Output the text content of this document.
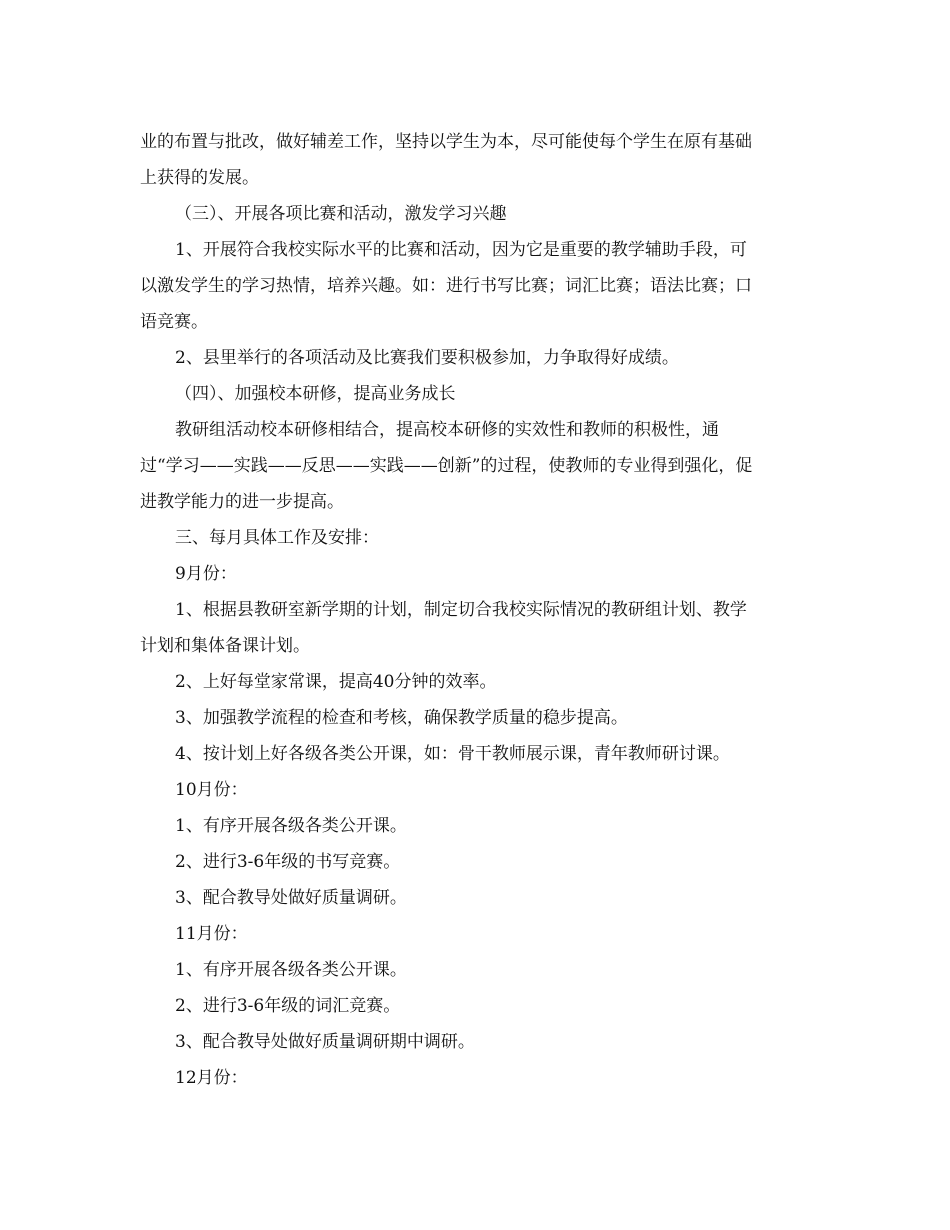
业的布置与批改，做好辅差工作，坚持以学生为本，尽可能使每个学生在原有基础
上获得的发展。
（三）、开展各项比赛和活动，激发学习兴趣
1、开展符合我校实际水平的比赛和活动，因为它是重要的教学辅助手段，可
以激发学生的学习热情，培养兴趣。如：进行书写比赛；词汇比赛；语法比赛；口
语竞赛。
2、县里举行的各项活动及比赛我们要积极参加，力争取得好成绩。
（四）、加强校本研修，提高业务成长
教研组活动校本研修相结合，提高校本研修的实效性和教师的积极性，通
过“学习——实践——反思——实践——创新”的过程，使教师的专业得到强化，促
进教学能力的进一步提高。
三、每月具体工作及安排：
9月份：
1、根据县教研室新学期的计划，制定切合我校实际情况的教研组计划、教学
计划和集体备课计划。
2、上好每堂家常课，提高40分钟的效率。
3、加强教学流程的检查和考核，确保教学质量的稳步提高。
4、按计划上好各级各类公开课，如：骨干教师展示课，青年教师研讨课。
10月份：
1、有序开展各级各类公开课。
2、进行3-6年级的书写竞赛。
3、配合教导处做好质量调研。
11月份：
1、有序开展各级各类公开课。
2、进行3-6年级的词汇竞赛。
3、配合教导处做好质量调研期中调研。
12月份：
